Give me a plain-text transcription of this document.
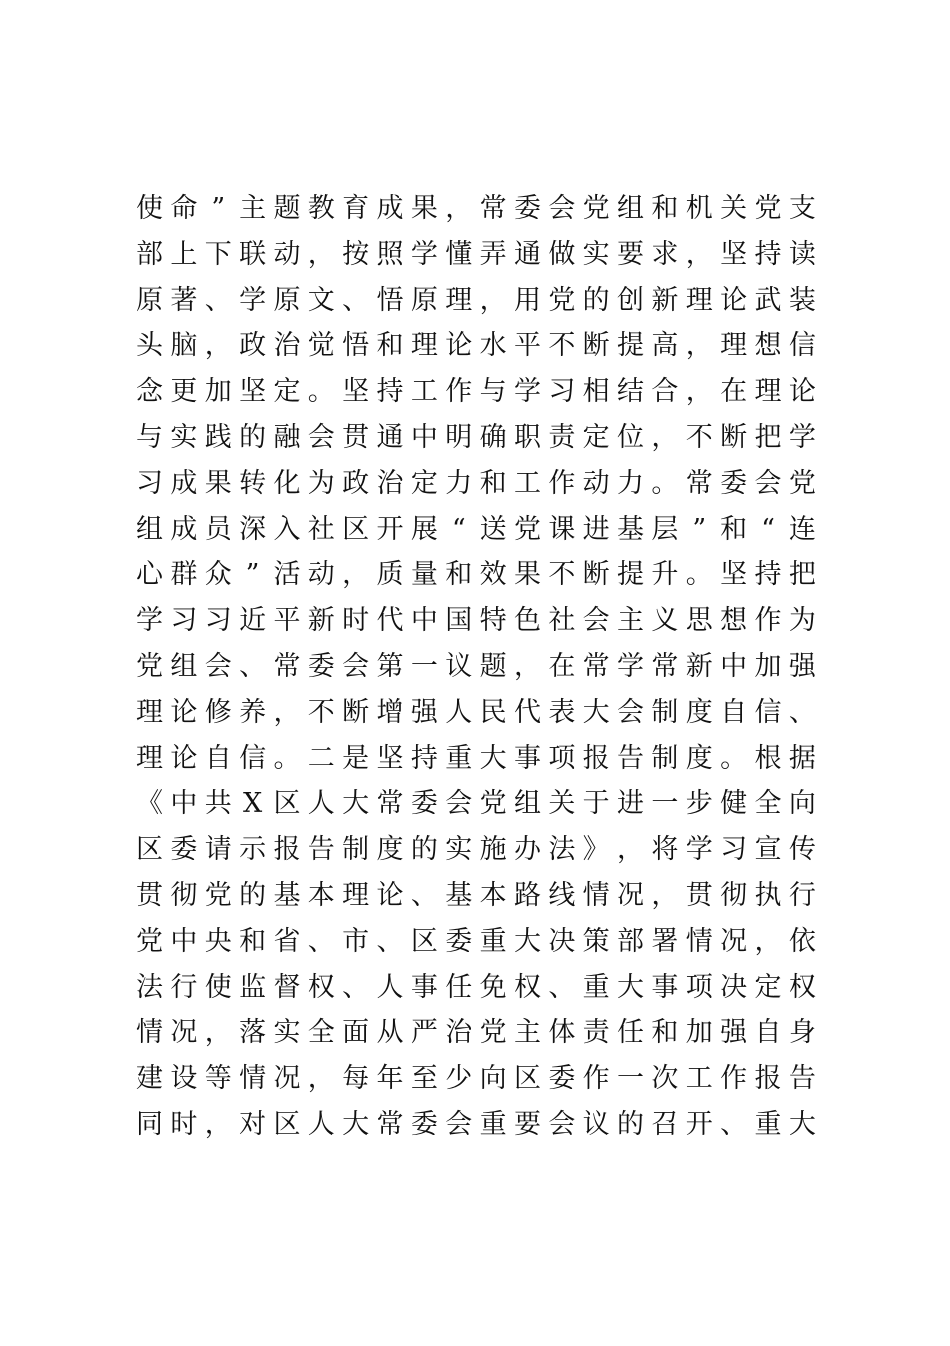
使 命 ” 主 题 教 育 成 果 ， 常 委 会 党 组 和 机 关 党 支
部 上 下 联 动 ， 按 照 学 懂 弄 通 做 实 要 求 ， 坚 持 读
原 著 、 学 原 文 、 悟 原 理 ， 用 党 的 创 新 理 论 武 装
头 脑 ， 政 治 觉 悟 和 理 论 水 平 不 断 提 高 ， 理 想 信
念 更 加 坚 定 。 坚 持 工 作 与 学 习 相 结 合 ， 在 理 论
与 实 践 的 融 会 贯 通 中 明 确 职 责 定 位 ， 不 断 把 学
习 成 果 转 化 为 政 治 定 力 和 工 作 动 力 。 常 委 会 党
组 成 员 深 入 社 区 开 展 “ 送 党 课 进 基 层 ” 和 “ 连
心 群 众 ” 活 动 ， 质 量 和 效 果 不 断 提 升 。 坚 持 把
学 习 习 近 平 新 时 代 中 国 特 色 社 会 主 义 思 想 作 为
党 组 会 、 常 委 会 第 一 议 题 ， 在 常 学 常 新 中 加 强
理 论 修 养 ， 不 断 增 强 人 民 代 表 大 会 制 度 自 信 、
理 论 自 信 。 二 是 坚 持 重 大 事 项 报 告 制 度 。 根 据
《 中 共 X 区 人 大 常 委 会 党 组 关 于 进 一 步 健 全 向
区 委 请 示 报 告 制 度 的 实 施 办 法 》 ， 将 学 习 宣 传
贯 彻 党 的 基 本 理 论 、 基 本 路 线 情 况 ， 贯 彻 执 行
党 中 央 和 省 、 市 、 区 委 重 大 决 策 部 署 情 况 ， 依
法 行 使 监 督 权 、 人 事 任 免 权 、 重 大 事 项 决 定 权
情 况 ， 落 实 全 面 从 严 治 党 主 体 责 任 和 加 强 自 身
建 设 等 情 况 ， 每 年 至 少 向 区 委 作 一 次 工 作 报 告
同 时 ， 对 区 人 大 常 委 会 重 要 会 议 的 召 开 、 重 大
